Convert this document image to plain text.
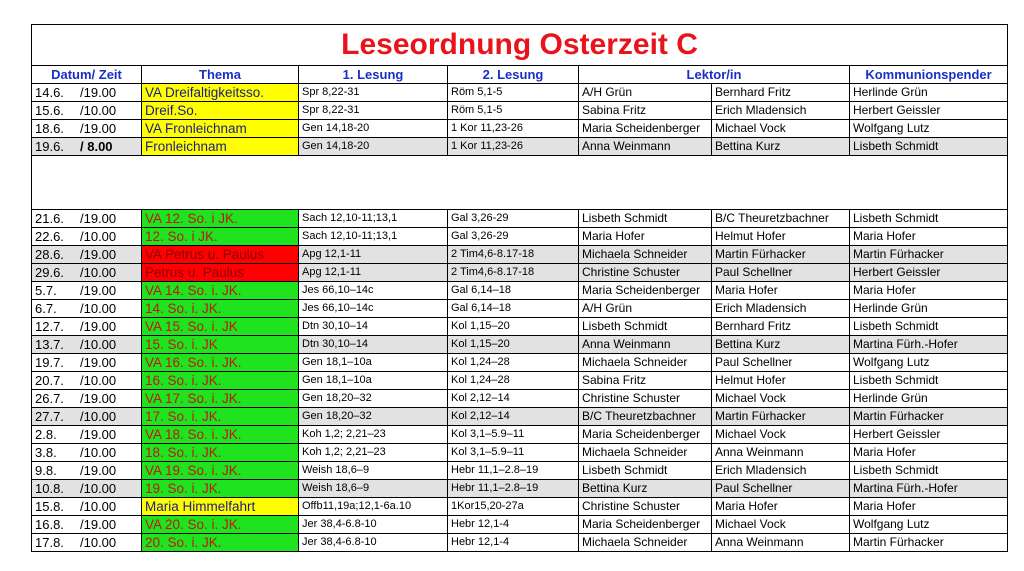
Leseordnung Osterzeit C						
Datum/ Zeit	Thema	1. Lesung	2. Lesung	Lektor/in		Kommunionspender
14.6. /19.00	VA Dreifaltigkeitsso.	Spr 8,22-31	Röm 5,1-5	A/H Grün	Bernhard Fritz	Herlinde Grün
15.6. /10.00	Dreif.So.	Spr 8,22-31	Röm 5,1-5	Sabina Fritz	Erich Mladensich	Herbert Geissler
18.6. /19.00	VA Fronleichnam	Gen 14,18-20	1 Kor 11,23-26	Maria Scheidenberger	Michael Vock	Wolfgang Lutz
19.6. / 8.00	Fronleichnam	Gen 14,18-20	1 Kor 11,23-26	Anna Weinmann	Bettina Kurz	Lisbeth Schmidt

21.6. /19.00	VA 12. So. i JK.	Sach 12,10-11;13,1	Gal 3,26-29	Lisbeth Schmidt	B/C Theuretzbachner	Lisbeth Schmidt
22.6. /10.00	12. So. i JK.	Sach 12,10-11;13,1	Gal 3,26-29	Maria Hofer	Helmut Hofer	Maria Hofer
28.6. /19.00	VA Petrus u. Paulus	Apg 12,1-11	2 Tim4,6-8.17-18	Michaela Schneider	Martin Fürhacker	Martin Fürhacker
29.6. /10.00	Petrus u. Paulus	Apg 12,1-11	2 Tim4,6-8.17-18	Christine Schuster	Paul Schellner	Herbert Geissler
5.7. /19.00	VA 14. So. i. JK.	Jes 66,10–14c	Gal 6,14–18	Maria Scheidenberger	Maria Hofer	Maria Hofer
6.7. /10.00	14. So. i. JK.	Jes 66,10–14c	Gal 6,14–18	A/H Grün	Erich Mladensich	Herlinde Grün
12.7. /19.00	VA 15. So. i. JK	Dtn 30,10–14	Kol 1,15–20	Lisbeth Schmidt	Bernhard Fritz	Lisbeth Schmidt
13.7. /10.00	15. So. i. JK	Dtn 30,10–14	Kol 1,15–20	Anna Weinmann	Bettina Kurz	Martina Fürh.-Hofer
19.7. /19.00	VA 16. So. i. JK.	Gen 18,1–10a	Kol 1,24–28	Michaela Schneider	Paul Schellner	Wolfgang Lutz
20.7. /10.00	16. So. i. JK.	Gen 18,1–10a	Kol 1,24–28	Sabina Fritz	Helmut Hofer	Lisbeth Schmidt
26.7. /19.00	VA 17. So. i. JK.	Gen 18,20–32	Kol 2,12–14	Christine Schuster	Michael Vock	Herlinde Grün
27.7. /10.00	17. So. i. JK.	Gen 18,20–32	Kol 2,12–14	B/C Theuretzbachner	Martin Fürhacker	Martin Fürhacker
2.8. /19.00	VA 18. So. i. JK.	Koh 1,2; 2,21–23	Kol 3,1–5.9–11	Maria Scheidenberger	Michael Vock	Herbert Geissler
3.8. /10.00	18. So. i. JK.	Koh 1,2; 2,21–23	Kol 3,1–5.9–11	Michaela Schneider	Anna Weinmann	Maria Hofer
9.8. /19.00	VA 19. So. i. JK.	Weish 18,6–9	Hebr 11,1–2.8–19	Lisbeth Schmidt	Erich Mladensich	Lisbeth Schmidt
10.8. /10.00	19. So. i. JK.	Weish 18,6–9	Hebr 11,1–2.8–19	Bettina Kurz	Paul Schellner	Martina Fürh.-Hofer
15.8. /10.00	Maria Himmelfahrt	Offb11,19a;12,1-6a.10	1Kor15,20-27a	Christine Schuster	Maria Hofer	Maria Hofer
16.8. /19.00	VA 20. So. i. JK.	Jer 38,4-6.8-10	Hebr 12,1-4	Maria Scheidenberger	Michael Vock	Wolfgang Lutz
17.8. /10.00	20. So. i. JK.	Jer 38,4-6.8-10	Hebr 12,1-4	Michaela Schneider	Anna Weinmann	Martin Fürhacker
